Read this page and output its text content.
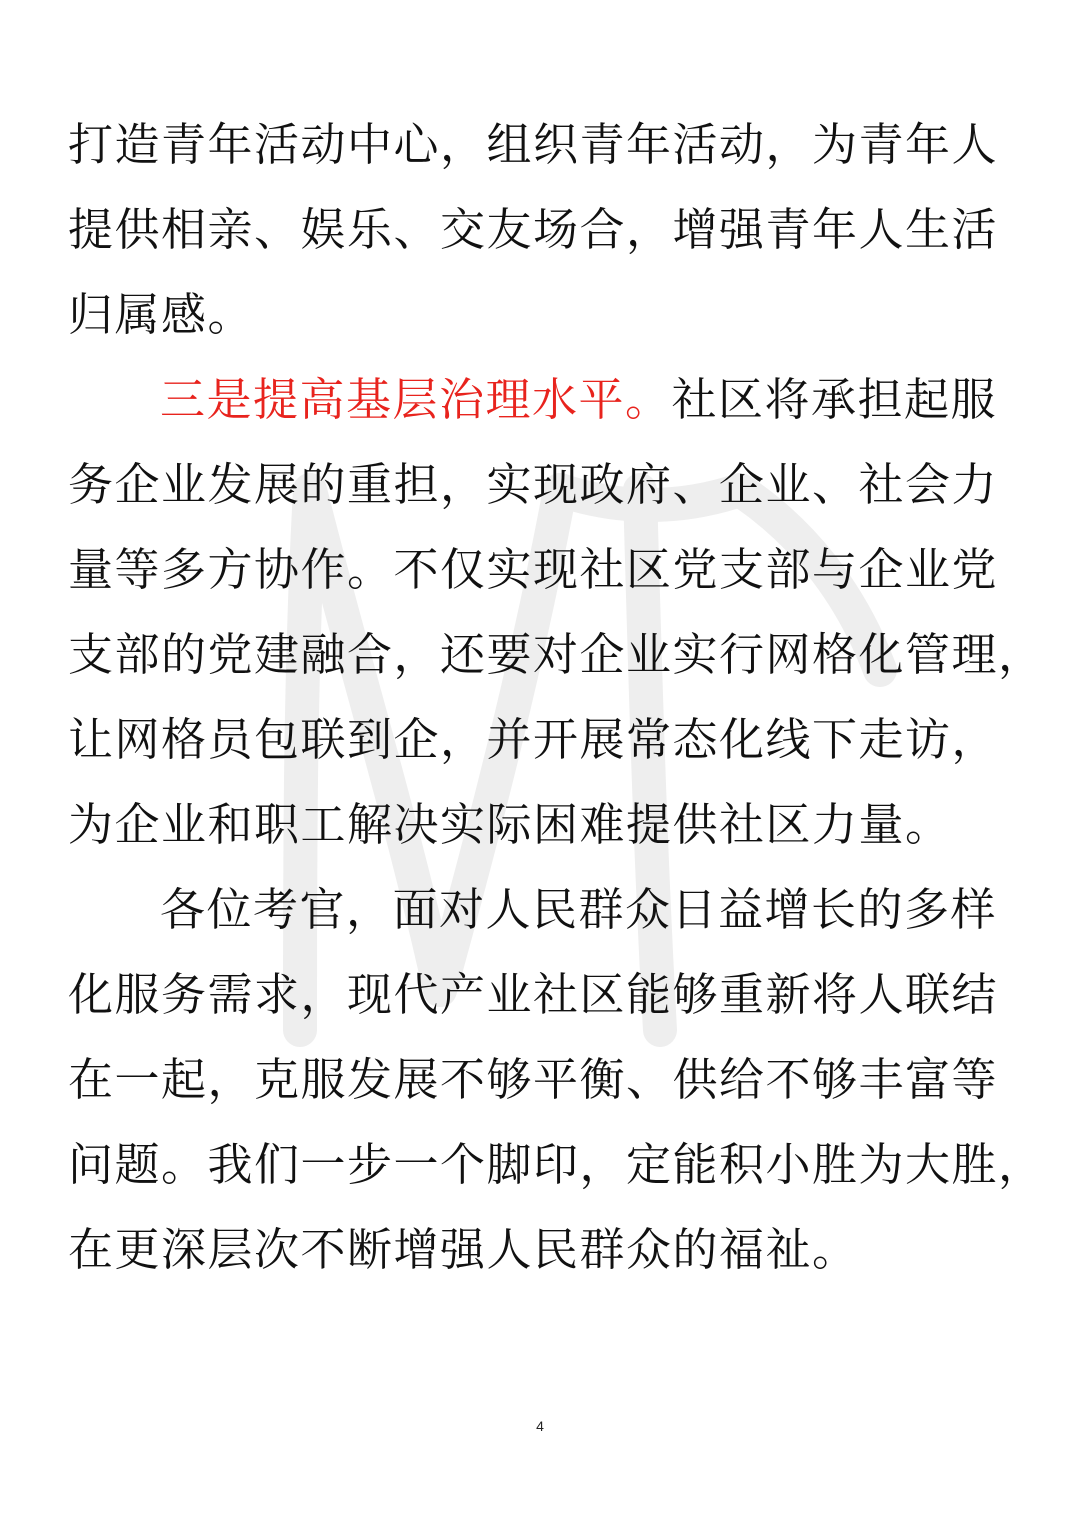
打造青年活动中心，组织青年活动，为青年人

提供相亲、娱乐、交友场合，增强青年人生活

归属感。

三是提高基层治理水平。社区将承担起服

务企业发展的重担，实现政府、企业、社会力

量等多方协作。不仅实现社区党支部与企业党

支部的党建融合，还要对企业实行网格化管理，

让网格员包联到企，并开展常态化线下走访，

为企业和职工解决实际困难提供社区力量。

各位考官，面对人民群众日益增长的多样

化服务需求，现代产业社区能够重新将人联结

在一起，克服发展不够平衡、供给不够丰富等

问题。我们一步一个脚印，定能积小胜为大胜，

在更深层次不断增强人民群众的福祉。

4
